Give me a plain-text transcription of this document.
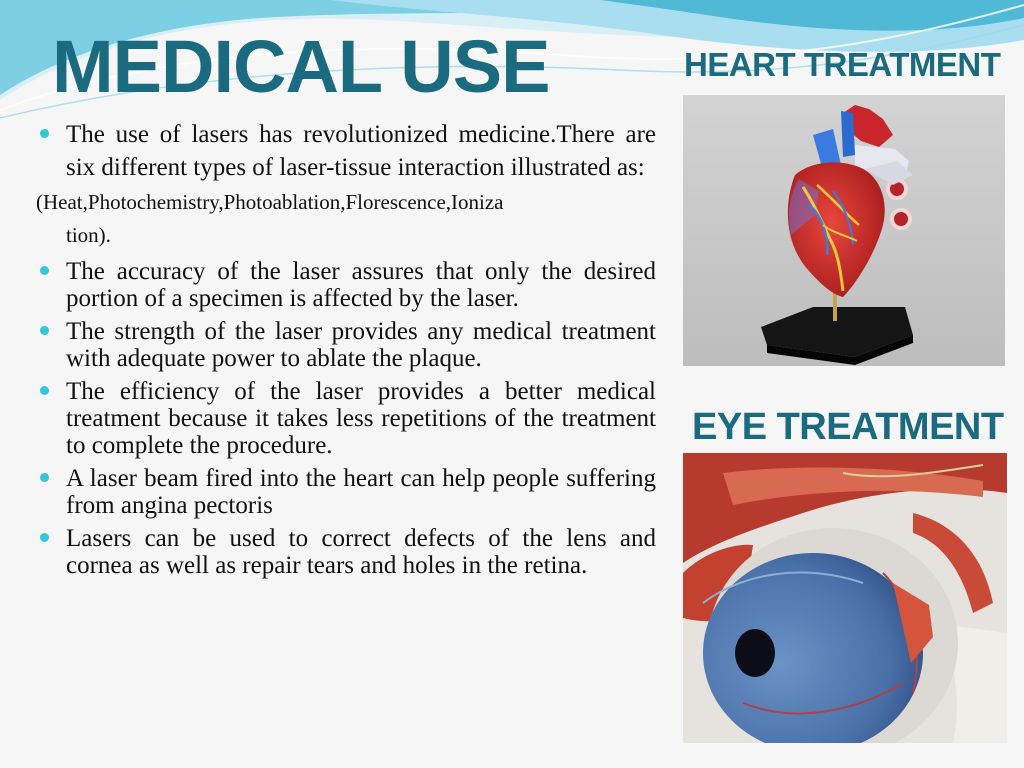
MEDICAL USE	HEART TREATMENT
EYE TREATMENT
The use of lasers has revolutionized medicine.There are six different types of laser-tissue interaction illustrated as:
(Heat,Photochemistry,Photoablation,Florescence,Ioniza
tion).
The accuracy of the laser assures that only the desired portion of a specimen is affected by the laser.
The strength of the laser provides any medical treatment with adequate power to ablate the plaque.
The efficiency of the laser provides a better medical treatment because it takes less repetitions of the treatment to complete the procedure.
A laser beam fired into the heart can help people suffering from angina pectoris
Lasers can be used to correct defects of the lens and cornea as well as repair tears and holes in the retina.
